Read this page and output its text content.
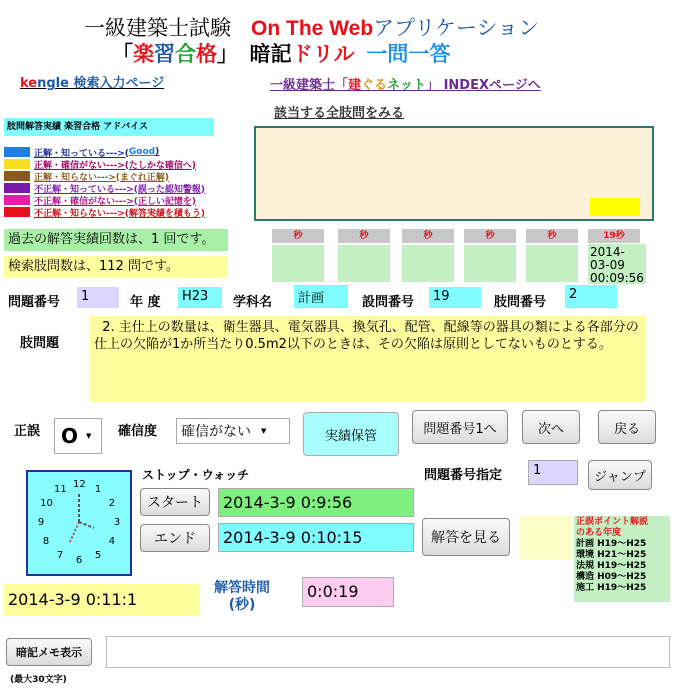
一級建築士試験 On The Webアプリケーション
「楽習合格」 暗記ドリル 一問一答
kengle 検索入力ページ	一級建築士「建ぐるネット」 INDEXページへ
該当する全肢問をみる
肢問解答実績 楽習合格 アドバイス
正解・知っている--->( Good )
正解・確信がない--->(たしかな確信へ)
正解・知らない--->(まぐれ正解)
不正解・知っている--->(誤った認知警報)
不正解・確信がない--->(正しい記憶を)
不正解・知らない--->(解答実績を積もう)
過去の解答実績回数は、1 回です。
検索肢問数は、112 問です。
秒	秒	秒	秒	秒	19秒
2014-
03-09
00:09:56
問題番号	1	年 度	H23	学科名	計画	設問番号	19	肢問番号
2
肢問題
2. 主仕上の数量は、衛生器具、電気器具、換気孔、配管、配線等の器具の類による各部分の仕上の欠陥が1か所当たり0.5m2以下のときは、その欠陥は原則としてないものとする。
正誤 O ▼ 確信度 確信がない ▼	実績保管	問題番号1へ	次へ	戻る
12 1
2
3
4
5
6
7
8
9
10
11
ストップ・ウォッチ
スタート	2014-3-9 0:9:56
エンド	2014-3-9 0:10:15
問題番号指定	1	ジャンプ
解答を見る
正誤ポイント解説
のある年度
計画 H19〜H25
環境 H21〜H25
法規 H19〜H25
構造 H09〜H25
施工 H19〜H25
2014-3-9 0:11:1
解答時間
(秒)
0:0:19
暗記メモ表示
(最大30文字)
